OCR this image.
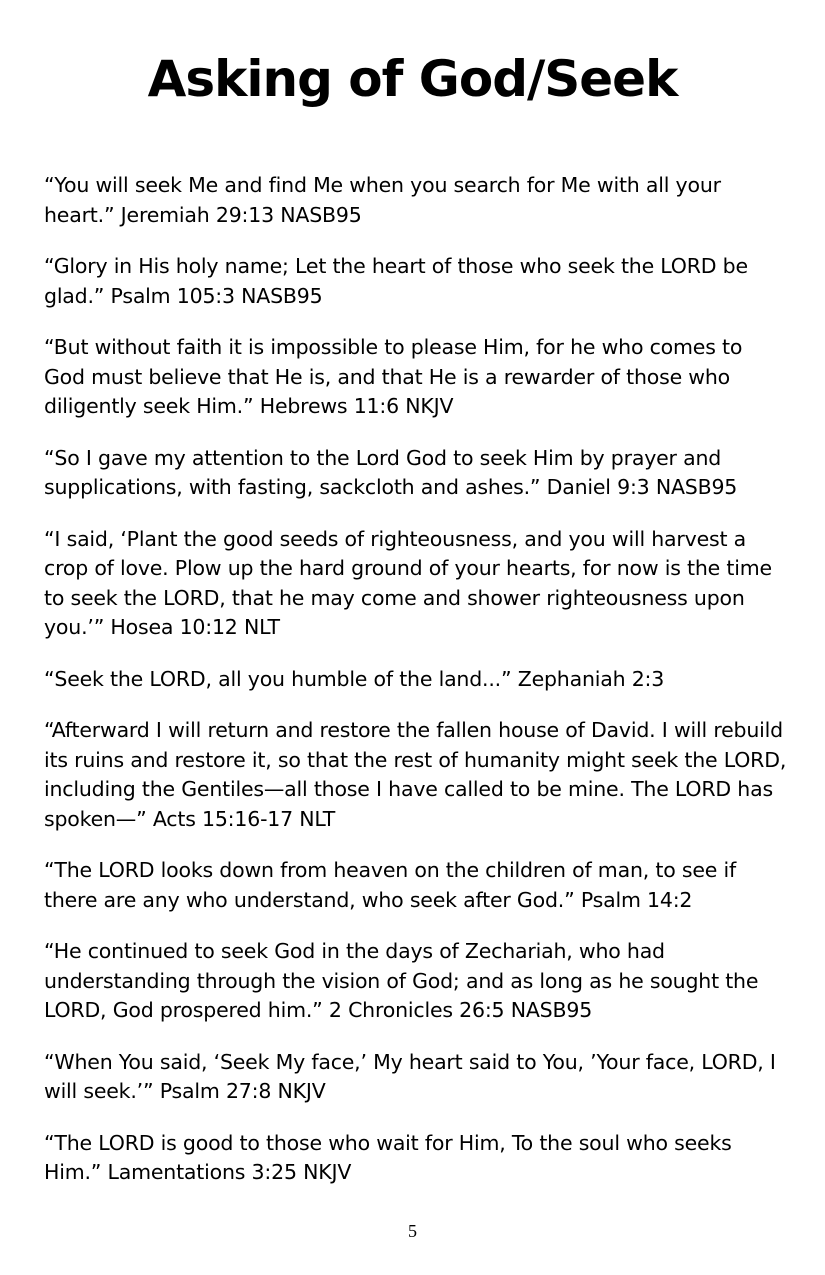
Asking of God/Seek

“You will seek Me and find Me when you search for Me with all your heart.” Jeremiah 29:13 NASB95

“Glory in His holy name; Let the heart of those who seek the LORD be glad.” Psalm 105:3 NASB95

“But without faith it is impossible to please Him, for he who comes to God must believe that He is, and that He is a rewarder of those who diligently seek Him.” Hebrews 11:6 NKJV

“So I gave my attention to the Lord God to seek Him by prayer and supplications, with fasting, sackcloth and ashes.” Daniel 9:3 NASB95

“I said, ‘Plant the good seeds of righteousness, and you will harvest a crop of love. Plow up the hard ground of your hearts, for now is the time to seek the LORD, that he may come and shower righteousness upon you.’” Hosea 10:12 NLT

“Seek the LORD, all you humble of the land...” Zephaniah 2:3

“Afterward I will return and restore the fallen house of David. I will rebuild its ruins and restore it, so that the rest of humanity might seek the LORD, including the Gentiles—all those I have called to be mine. The LORD has spoken—” Acts 15:16-17 NLT

“The LORD looks down from heaven on the children of man, to see if there are any who understand, who seek after God.” Psalm 14:2

“He continued to seek God in the days of Zechariah, who had understanding through the vision of God; and as long as he sought the LORD, God prospered him.” 2 Chronicles 26:5 NASB95

“When You said, ‘Seek My face,’ My heart said to You, ’Your face, LORD, I will seek.’” Psalm 27:8 NKJV

“The LORD is good to those who wait for Him, To the soul who seeks Him.” Lamentations 3:25 NKJV

5
